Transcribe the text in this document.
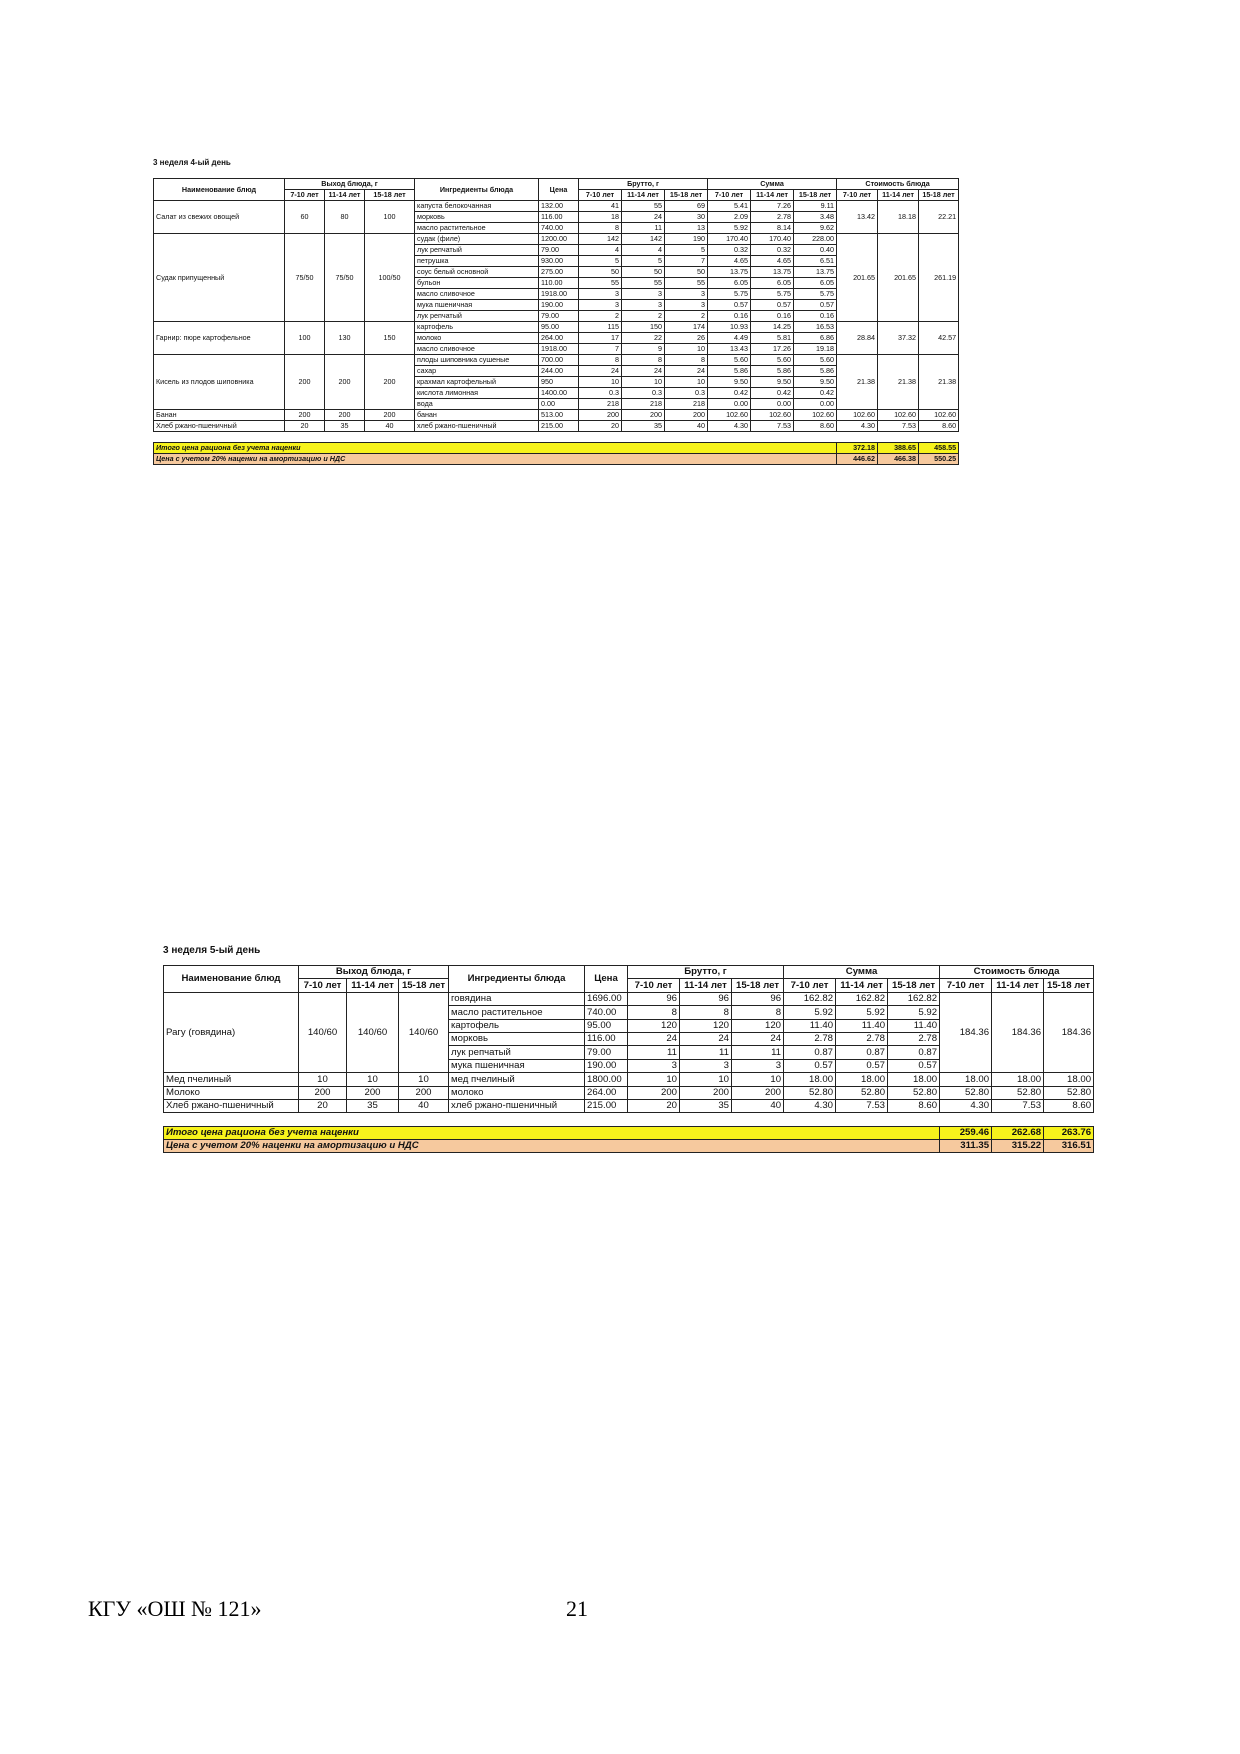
3 неделя 4-ый день
Наименование блюд	Выход блюда, г			Ингредиенты блюда	Цена	Брутто, г			Сумма			Стоимость блюда		
	7-10 лет	11-14 лет	15-18 лет			7-10 лет	11-14 лет	15-18 лет	7-10 лет	11-14 лет	15-18 лет	7-10 лет	11-14 лет	15-18 лет
Салат из свежих овощей	60	80	100	капуста белокочанная	132.00	41	55	69	5.41	7.26	9.11	13.42	18.18	22.21
				морковь	116.00	18	24	30	2.09	2.78	3.48			
				масло растительное	740.00	8	11	13	5.92	8.14	9.62			
Судак припущенный	75/50	75/50	100/50	судак (филе)	1200.00	142	142	190	170.40	170.40	228.00	201.65	201.65	261.19
				лук репчатый	79.00	4	4	5	0.32	0.32	0.40			
				петрушка	930.00	5	5	7	4.65	4.65	6.51			
				соус белый основной	275.00	50	50	50	13.75	13.75	13.75			
				бульон	110.00	55	55	55	6.05	6.05	6.05			
				масло сливочное	1918.00	3	3	3	5.75	5.75	5.75			
				мука пшеничная	190.00	3	3	3	0.57	0.57	0.57			
				лук репчатый	79.00	2	2	2	0.16	0.16	0.16			
Гарнир: пюре картофельное	100	130	150	картофель	95.00	115	150	174	10.93	14.25	16.53	28.84	37.32	42.57
				молоко	264.00	17	22	26	4.49	5.81	6.86			
				масло сливочное	1918.00	7	9	10	13.43	17.26	19.18			
Кисель из плодов шиповника	200	200	200	плоды шиповника сушеные	700.00	8	8	8	5.60	5.60	5.60	21.38	21.38	21.38
				сахар	244.00	24	24	24	5.86	5.86	5.86			
				крахмал картофельный	950	10	10	10	9.50	9.50	9.50			
				кислота лимонная	1400.00	0.3	0.3	0.3	0.42	0.42	0.42			
				вода	0.00	218	218	218	0.00	0.00	0.00			
Банан	200	200	200	банан	513.00	200	200	200	102.60	102.60	102.60	102.60	102.60	102.60
Хлеб ржано-пшеничный	20	35	40	хлеб ржано-пшеничный	215.00	20	35	40	4.30	7.53	8.60	4.30	7.53	8.60

Итого цена рациона без учета наценки												372.18	388.65	458.55
Цена с учетом 20% наценки на амортизацию и НДС												446.62	466.38	550.25
3 неделя 5-ый день
Наименование блюд	Выход блюда, г			Ингредиенты блюда	Цена	Брутто, г			Сумма			Стоимость блюда		
	7-10 лет	11-14 лет	15-18 лет			7-10 лет	11-14 лет	15-18 лет	7-10 лет	11-14 лет	15-18 лет	7-10 лет	11-14 лет	15-18 лет
Рагу (говядина)	140/60	140/60	140/60	говядина	1696.00	96	96	96	162.82	162.82	162.82	184.36	184.36	184.36
				масло растительное	740.00	8	8	8	5.92	5.92	5.92			
				картофель	95.00	120	120	120	11.40	11.40	11.40			
				морковь	116.00	24	24	24	2.78	2.78	2.78			
				лук репчатый	79.00	11	11	11	0.87	0.87	0.87			
				мука пшеничная	190.00	3	3	3	0.57	0.57	0.57			
Мед пчелиный	10	10	10	мед пчелиный	1800.00	10	10	10	18.00	18.00	18.00	18.00	18.00	18.00
Молоко	200	200	200	молоко	264.00	200	200	200	52.80	52.80	52.80	52.80	52.80	52.80
Хлеб ржано-пшеничный	20	35	40	хлеб ржано-пшеничный	215.00	20	35	40	4.30	7.53	8.60	4.30	7.53	8.60

Итого цена рациона без учета наценки												259.46	262.68	263.76
Цена с учетом 20% наценки на амортизацию и НДС												311.35	315.22	316.51
КГУ «ОШ № 121»	21
